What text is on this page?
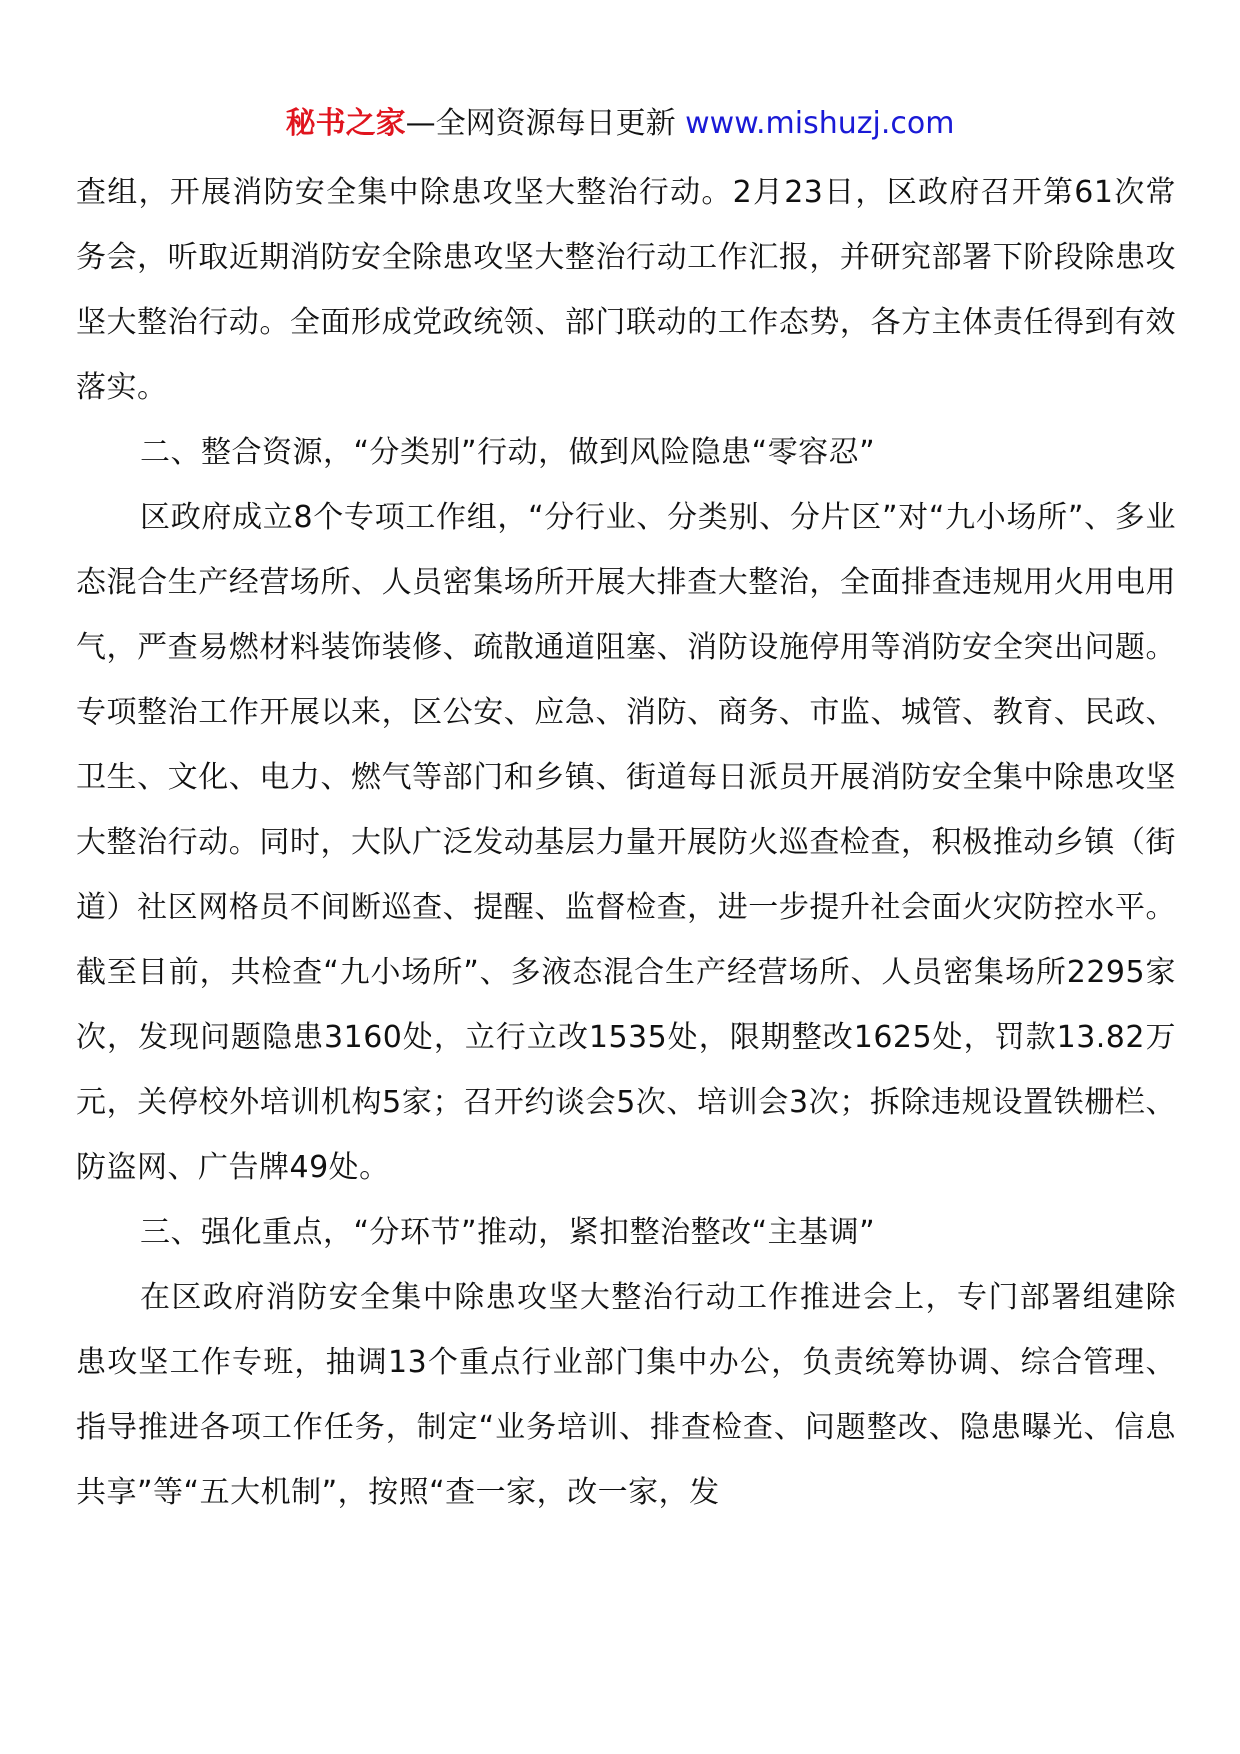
秘书之家—全网资源每日更新 www.mishuzj.com

查组，开展消防安全集中除患攻坚大整治行动。2月23日，区政府召开第61次常务会，听取近期消防安全除患攻坚大整治行动工作汇报，并研究部署下阶段除患攻坚大整治行动。全面形成党政统领、部门联动的工作态势，各方主体责任得到有效落实。

二、整合资源，“分类别”行动，做到风险隐患“零容忍”

区政府成立8个专项工作组，“分行业、分类别、分片区”对“九小场所”、多业态混合生产经营场所、人员密集场所开展大排查大整治，全面排查违规用火用电用气，严查易燃材料装饰装修、疏散通道阻塞、消防设施停用等消防安全突出问题。专项整治工作开展以来，区公安、应急、消防、商务、市监、城管、教育、民政、卫生、文化、电力、燃气等部门和乡镇、街道每日派员开展消防安全集中除患攻坚大整治行动。同时，大队广泛发动基层力量开展防火巡查检查，积极推动乡镇（街道）社区网格员不间断巡查、提醒、监督检查，进一步提升社会面火灾防控水平。截至目前，共检查“九小场所”、多液态混合生产经营场所、人员密集场所2295家次，发现问题隐患3160处，立行立改1535处，限期整改1625处，罚款13.82万元，关停校外培训机构5家；召开约谈会5次、培训会3次；拆除违规设置铁栅栏、防盗网、广告牌49处。

三、强化重点，“分环节”推动，紧扣整治整改“主基调”

在区政府消防安全集中除患攻坚大整治行动工作推进会上，专门部署组建除患攻坚工作专班，抽调13个重点行业部门集中办公，负责统筹协调、综合管理、指导推进各项工作任务，制定“业务培训、排查检查、问题整改、隐患曝光、信息共享”等“五大机制”，按照“查一家，改一家，发
